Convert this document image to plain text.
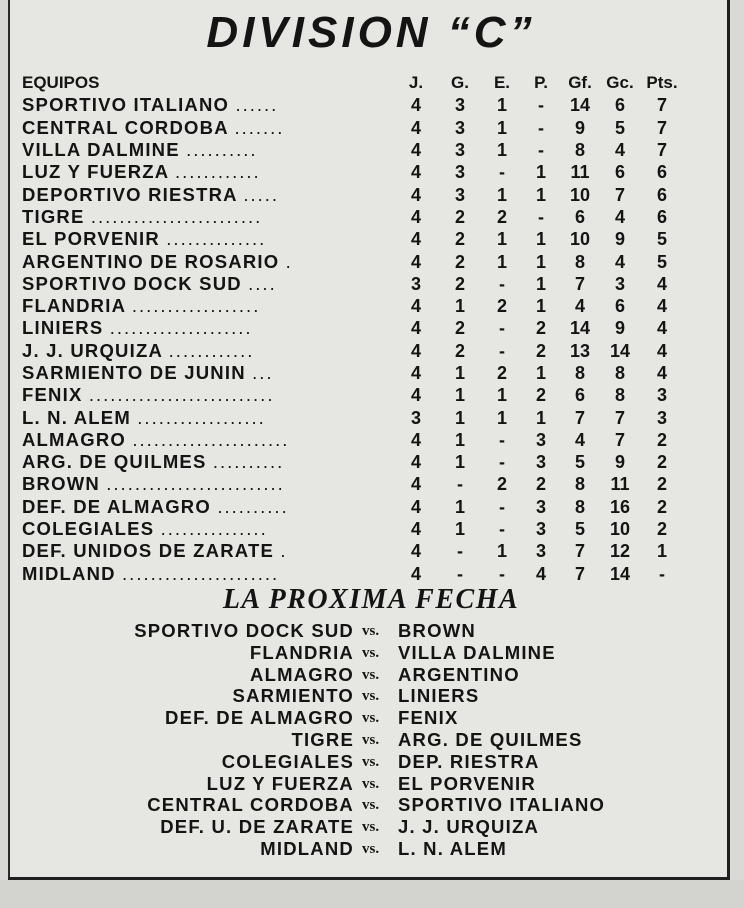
DIVISION “C”
EQUIPOS	J.	G.	E.	P.	Gf.	Gc.	Pts.
SPORTIVO ITALIANO ......	4	3	1	-	14	6	7
CENTRAL CORDOBA .......	4	3	1	-	9	5	7
VILLA DALMINE ..........	4	3	1	-	8	4	7
LUZ Y FUERZA ............	4	3	-	1	11	6	6
DEPORTIVO RIESTRA .....	4	3	1	1	10	7	6
TIGRE ........................	4	2	2	-	6	4	6
EL PORVENIR ..............	4	2	1	1	10	9	5
ARGENTINO DE ROSARIO .	4	2	1	1	8	4	5
SPORTIVO DOCK SUD ....	3	2	-	1	7	3	4
FLANDRIA ..................	4	1	2	1	4	6	4
LINIERS ....................	4	2	-	2	14	9	4
J. J. URQUIZA ............	4	2	-	2	13	14	4
SARMIENTO DE JUNIN ...	4	1	2	1	8	8	4
FENIX ..........................	4	1	1	2	6	8	3
L. N. ALEM ..................	3	1	1	1	7	7	3
ALMAGRO ......................	4	1	-	3	4	7	2
ARG. DE QUILMES ..........	4	1	-	3	5	9	2
BROWN .........................	4	-	2	2	8	11	2
DEF. DE ALMAGRO ..........	4	1	-	3	8	16	2
COLEGIALES ...............	4	1	-	3	5	10	2
DEF. UNIDOS DE ZARATE .	4	-	1	3	7	12	1
MIDLAND ......................	4	-	-	4	7	14	-
LA PROXIMA FECHA
SPORTIVO DOCK SUD vs. BROWN
FLANDRIA vs. VILLA DALMINE
ALMAGRO vs. ARGENTINO
SARMIENTO vs. LINIERS
DEF. DE ALMAGRO vs. FENIX
TIGRE vs. ARG. DE QUILMES
COLEGIALES vs. DEP. RIESTRA
LUZ Y FUERZA vs. EL PORVENIR
CENTRAL CORDOBA vs. SPORTIVO ITALIANO
DEF. U. DE ZARATE vs. J. J. URQUIZA
MIDLAND vs. L. N. ALEM
